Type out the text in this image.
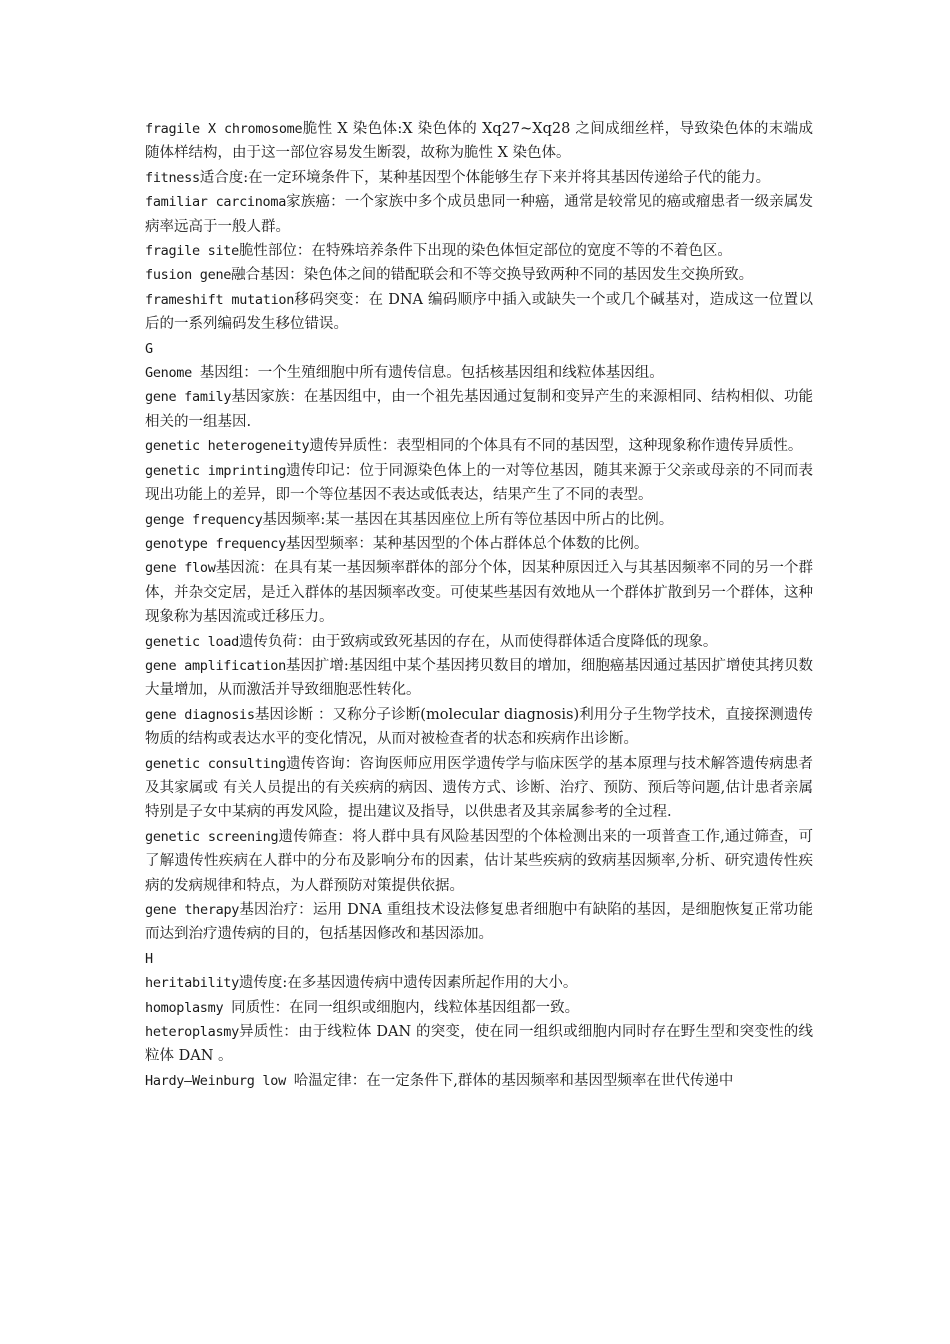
fragile X chromosome脆性 X 染色体:X 染色体的 Xq27~Xq28 之间成细丝样，导致染色体的末端成随体样结构，由于这一部位容易发生断裂，故称为脆性 X 染色体。

fitness适合度:在一定环境条件下，某种基因型个体能够生存下来并将其基因传递给子代的能力。

familiar carcinoma家族癌：一个家族中多个成员患同一种癌，通常是较常见的癌或瘤患者一级亲属发病率远高于一般人群。

fragile site脆性部位：在特殊培养条件下出现的染色体恒定部位的宽度不等的不着色区。

fusion gene融合基因：染色体之间的错配联会和不等交换导致两种不同的基因发生交换所致。

frameshift mutation移码突变：在 DNA 编码顺序中插入或缺失一个或几个碱基对，造成这一位置以后的一系列编码发生移位错误。

G

Genome 基因组：一个生殖细胞中所有遗传信息。包括核基因组和线粒体基因组。

gene family基因家族：在基因组中，由一个祖先基因通过复制和变异产生的来源相同、结构相似、功能相关的一组基因.

genetic heterogeneity遗传异质性：表型相同的个体具有不同的基因型，这种现象称作遗传异质性。

genetic imprinting遗传印记：位于同源染色体上的一对等位基因，随其来源于父亲或母亲的不同而表现出功能上的差异，即一个等位基因不表达或低表达，结果产生了不同的表型。

genge frequency基因频率:某一基因在其基因座位上所有等位基因中所占的比例。

genotype frequency基因型频率：某种基因型的个体占群体总个体数的比例。

gene flow基因流：在具有某一基因频率群体的部分个体，因某种原因迁入与其基因频率不同的另一个群体，并杂交定居，是迁入群体的基因频率改变。可使某些基因有效地从一个群体扩散到另一个群体，这种现象称为基因流或迁移压力。

genetic load遗传负荷：由于致病或致死基因的存在，从而使得群体适合度降低的现象。

gene amplification基因扩增:基因组中某个基因拷贝数目的增加，细胞癌基因通过基因扩增使其拷贝数大量增加，从而激活并导致细胞恶性转化。

gene diagnosis基因诊断 ：又称分子诊断(molecular diagnosis)利用分子生物学技术，直接探测遗传物质的结构或表达水平的变化情况，从而对被检查者的状态和疾病作出诊断。

genetic consulting遗传咨询：咨询医师应用医学遗传学与临床医学的基本原理与技术解答遗传病患者及其家属或 有关人员提出的有关疾病的病因、遗传方式、诊断、治疗、预防、预后等问题,估计患者亲属特别是子女中某病的再发风险，提出建议及指导，以供患者及其亲属参考的全过程.

genetic screening遗传筛查：将人群中具有风险基因型的个体检测出来的一项普查工作,通过筛查，可了解遗传性疾病在人群中的分布及影响分布的因素，估计某些疾病的致病基因频率,分析、研究遗传性疾病的发病规律和特点，为人群预防对策提供依据。

gene therapy基因治疗：运用 DNA 重组技术设法修复患者细胞中有缺陷的基因，是细胞恢复正常功能而达到治疗遗传病的目的，包括基因修改和基因添加。

H

heritability遗传度:在多基因遗传病中遗传因素所起作用的大小。

homoplasmy 同质性：在同一组织或细胞内，线粒体基因组都一致。

heteroplasmy异质性：由于线粒体 DAN 的突变，使在同一组织或细胞内同时存在野生型和突变性的线粒体 DAN 。

Hardy—Weinburg low 哈温定律：在一定条件下,群体的基因频率和基因型频率在世代传递中
